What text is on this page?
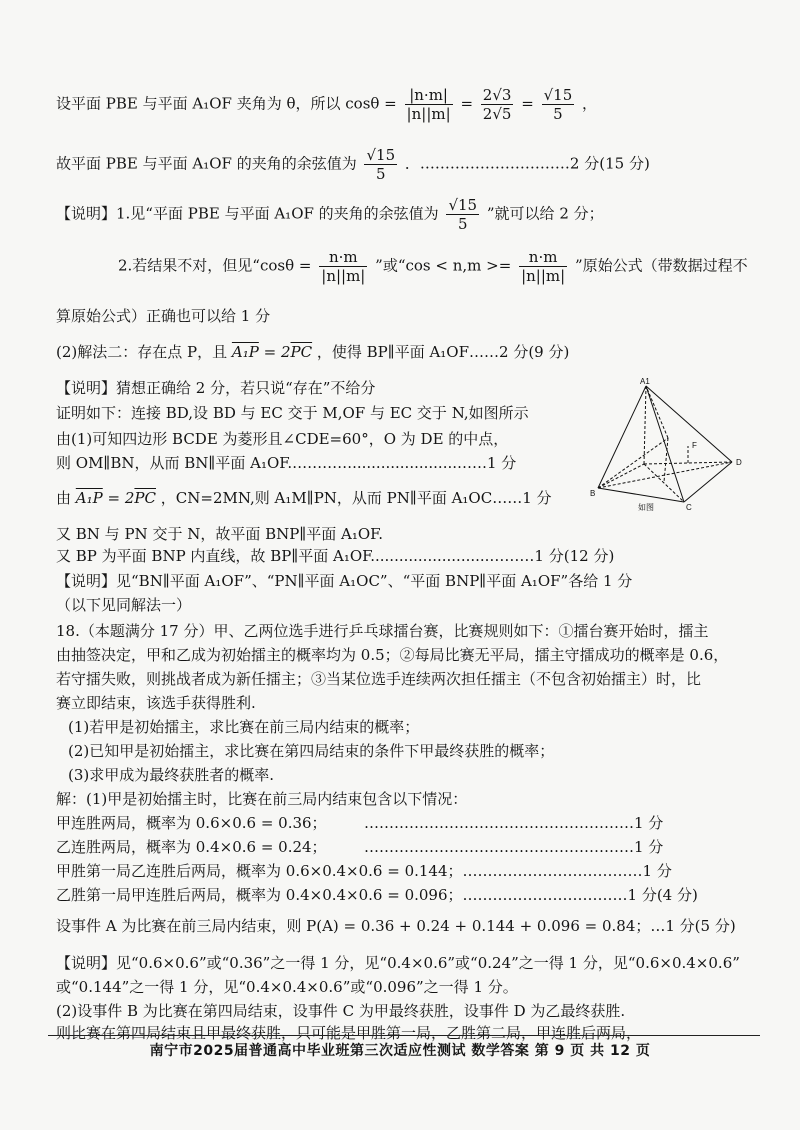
设平面 PBE 与平面 A₁OF 夹角为 θ，所以 $\cos\theta = \frac{|n\cdot m|}{|n||m|} = \frac{2√3}{2√5} = \frac{√15}{5}$ ，
故平面 PBE 与平面 A₁OF 的夹角的余弦值为 $\frac{√15}{5}$ ．…………………………2 分(15 分)
【说明】1.见“平面 PBE 与平面 A₁OF 的夹角的余弦值为 $\frac{√15}{5}$ ”就可以给 2 分；
2.若结果不对，但见“$\cos\theta = \frac{n\cdot m}{|n||m|}$ ”或“$\cos < n,m >= \frac{n\cdot m}{|n||m|}$ ”原始公式（带数据过程不
算原始公式）正确也可以给 1 分
(2)解法二：存在点 P，且 $A_1P = 2\overline{PC}$ ，使得 BP∥平面 A₁OF……2 分(9 分)
【说明】猜想正确给 2 分，若只说“存在”不给分
证明如下：连接 BD,设 BD 与 EC 交于 M,OF 与 EC 交于 N,如图所示
由(1)可知四边形 BCDE 为菱形且∠CDE=60°，O 为 DE 的中点，
则 OM∥BN，从而 BN∥平面 A₁OF.…………......................……1 分
由 $A_1P = 2\overline{PC}$ ，CN=2MN,则 A₁M∥PN，从而 PN∥平面 A₁OC……1 分
又 BN 与 PN 交于 N，故平面 BNP∥平面 A₁OF.
又 BP 为平面 BNP 内直线，故 BP∥平面 A₁OF.........................………1 分(12 分)
【说明】见“BN∥平面 A₁OF”、“PN∥平面 A₁OC”、“平面 BNP∥平面 A₁OF”各给 1 分
（以下见同解法一）
18.（本题满分 17 分）甲、乙两位选手进行乒乓球擂台赛，比赛规则如下：①擂台赛开始时，擂主
由抽签决定，甲和乙成为初始擂主的概率均为 0.5；②每局比赛无平局，擂主守擂成功的概率是 0.6，
若守擂失败，则挑战者成为新任擂主；③当某位选手连续两次担任擂主（不包含初始擂主）时，比
赛立即结束，该选手获得胜利.
(1)若甲是初始擂主，求比赛在前三局内结束的概率；
(2)已知甲是初始擂主，求比赛在第四局结束的条件下甲最终获胜的概率；
(3)求甲成为最终获胜者的概率.
解：(1)甲是初始擂主时，比赛在前三局内结束包含以下情况：
甲连胜两局，概率为 0.6×0.6 = 0.36； ………………………………………………1 分
乙连胜两局，概率为 0.4×0.6 = 0.24； ………………………………………………1 分
甲胜第一局乙连胜后两局，概率为 0.6×0.4×0.6 = 0.144；………………………………1 分
乙胜第一局甲连胜后两局，概率为 0.4×0.4×0.6 = 0.096；……………………………1 分(4 分)
设事件 A 为比赛在前三局内结束，则 P(A) = 0.36 + 0.24 + 0.144 + 0.096 = 0.84；…1 分(5 分)
【说明】见“0.6×0.6”或“0.36”之一得 1 分，见“0.4×0.6”或“0.24”之一得 1 分，见“0.6×0.4×0.6”
或“0.144”之一得 1 分，见“0.4×0.4×0.6”或“0.096”之一得 1 分。
(2)设事件 B 为比赛在第四局结束，设事件 C 为甲最终获胜，设事件 D 为乙最终获胜.
则比赛在第四局结束且甲最终获胜，只可能是甲胜第一局，乙胜第二局，甲连胜后两局，
A1
B
C
D
F
如图
南宁市2025届普通高中毕业班第三次适应性测试 数学答案 第 9 页 共 12 页
